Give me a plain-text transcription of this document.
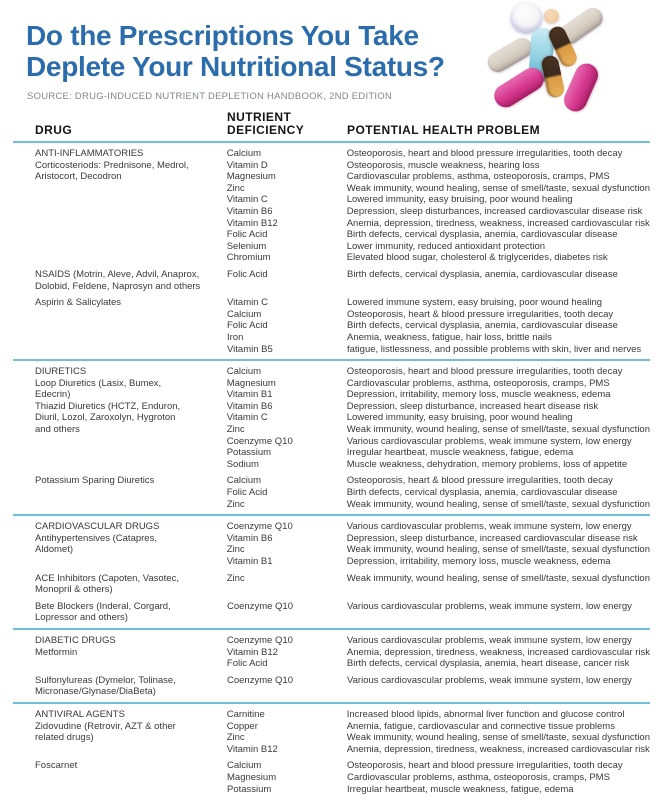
Do the Prescriptions You Take
Deplete Your Nutritional Status?
SOURCE: DRUG-INDUCED NUTRIENT DEPLETION HANDBOOK, 2ND EDITION
DRUG
NUTRIENT
DEFICIENCY	POTENTIAL HEALTH PROBLEM
ANTI-INFLAMMATORIES
Corticosteriods: Prednisone, Medrol,
Aristocort, Decodron
Calcium	Osteoporosis, heart and blood pressure irregularities, tooth decay
Vitamin D	Osteoporosis, muscle weakness, hearing loss
Magnesium	Cardiovascular problems, asthma, osteoporosis, cramps, PMS
Zinc	Weak immunity, wound healing, sense of smell/taste, sexual dysfunction
Vitamin C	Lowered immunity, easy bruising, poor wound healing
Vitamin B6	Depression, sleep disturbances, increased cardiovascular disease risk
Vitamin B12	Anemia, depression, tiredness, weakness, increased cardiovascular risk
Folic Acid	Birth defects, cervical dysplasia, anemia, cardiovascular disease
Selenium	Lower immunity, reduced antioxidant protection
Chromium	Elevated blood sugar, cholesterol & triglycerides, diabetes risk
NSAIDS (Motrin, Aleve, Advil, Anaprox,
Dolobid, Feldene, Naprosyn and others
Folic Acid	Birth defects, cervical dysplasia, anemia, cardiovascular disease
Aspirin & Salicylates	Vitamin C	Lowered immune system, easy bruising, poor wound healing
Calcium	Osteoporosis, heart & blood pressure irregularities, tooth decay
Folic Acid	Birth defects, cervical dysplasia, anemia, cardiovascular disease
Iron	Anemia, weakness, fatigue, hair loss, brittle nails
Vitamin B5	fatigue, listlessness, and possible problems with skin, liver and nerves
DIURETICS
Loop Diuretics (Lasix, Bumex,
Edecrin)
Thiazid Diuretics (HCTZ, Enduron,
Diuril, Lozol, Zaroxolyn, Hygroton
and others
Calcium	Osteoporosis, heart and blood pressure irregularities, tooth decay
Magnesium	Cardiovascular problems, asthma, osteoporosis, cramps, PMS
Vitamin B1	Depression, irritability, memory loss, muscle weakness, edema
Vitamin B6	Depression, sleep disturbance, increased heart disease risk
Vitamin C	Lowered immunity, easy bruising, poor wound healing
Zinc	Weak immunity, wound healing, sense of smell/taste, sexual dysfunction
Coenzyme Q10	Various cardiovascular problems, weak immune system, low energy
Potassium	Irregular heartbeat, muscle weakness, fatigue, edema
Sodium	Muscle weakness, dehydration, memory problems, loss of appetite
Potassium Sparing Diuretics	Calcium	Osteoporosis, heart & blood pressure irregularities, tooth decay
Folic Acid	Birth defects, cervical dysplasia, anemia, cardiovascular disease
Zinc	Weak immunity, wound healing, sense of smell/taste, sexual dysfunction
CARDIOVASCULAR DRUGS
Antihypertensives (Catapres,
Aldomet)
Coenzyme Q10	Various cardiovascular problems, weak immune system, low energy
Vitamin B6	Depression, sleep disturbance, increased cardiovascular disease risk
Zinc	Weak immunity, wound healing, sense of smell/taste, sexual dysfunction
Vitamin B1	Depression, irritability, memory loss, muscle weakness, edema
ACE Inhibitors (Capoten, Vasotec,
Monopril & others)
Zinc	Weak immunity, wound healing, sense of smell/taste, sexual dysfunction
Bete Blockers (Inderal, Corgard,
Lopressor and others)
Coenzyme Q10	Various cardiovascular problems, weak immune system, low energy
DIABETIC DRUGS
Metformin
Coenzyme Q10	Various cardiovascular problems, weak immune system, low energy
Vitamin B12	Anemia, depression, tiredness, weakness, increased cardiovascular risk
Folic Acid	Birth defects, cervical dysplasia, anemia, heart disease, cancer risk
Sulfonylureas (Dymelor, Tolinase,
Micronase/Glynase/DiaBeta)
Coenzyme Q10	Various cardiovascular problems, weak immune system, low energy
ANTIVIRAL AGENTS
Zidovudine (Retrovir, AZT & other
related drugs)
Carnitine	Increased blood lipids, abnormal liver function and glucose control
Copper	Anemia, fatigue, cardiovascular and connective tissue problems
Zinc	Weak immunity, wound healing, sense of smell/taste, sexual dysfunction
Vitamin B12	Anemia, depression, tiredness, weakness, increased cardiovascular risk
Foscarnet	Calcium	Osteoporosis, heart and blood pressure irregularities, tooth decay
Magnesium	Cardiovascular problems, asthma, osteoporosis, cramps, PMS
Potassium	Irregular heartbeat, muscle weakness, fatigue, edema
